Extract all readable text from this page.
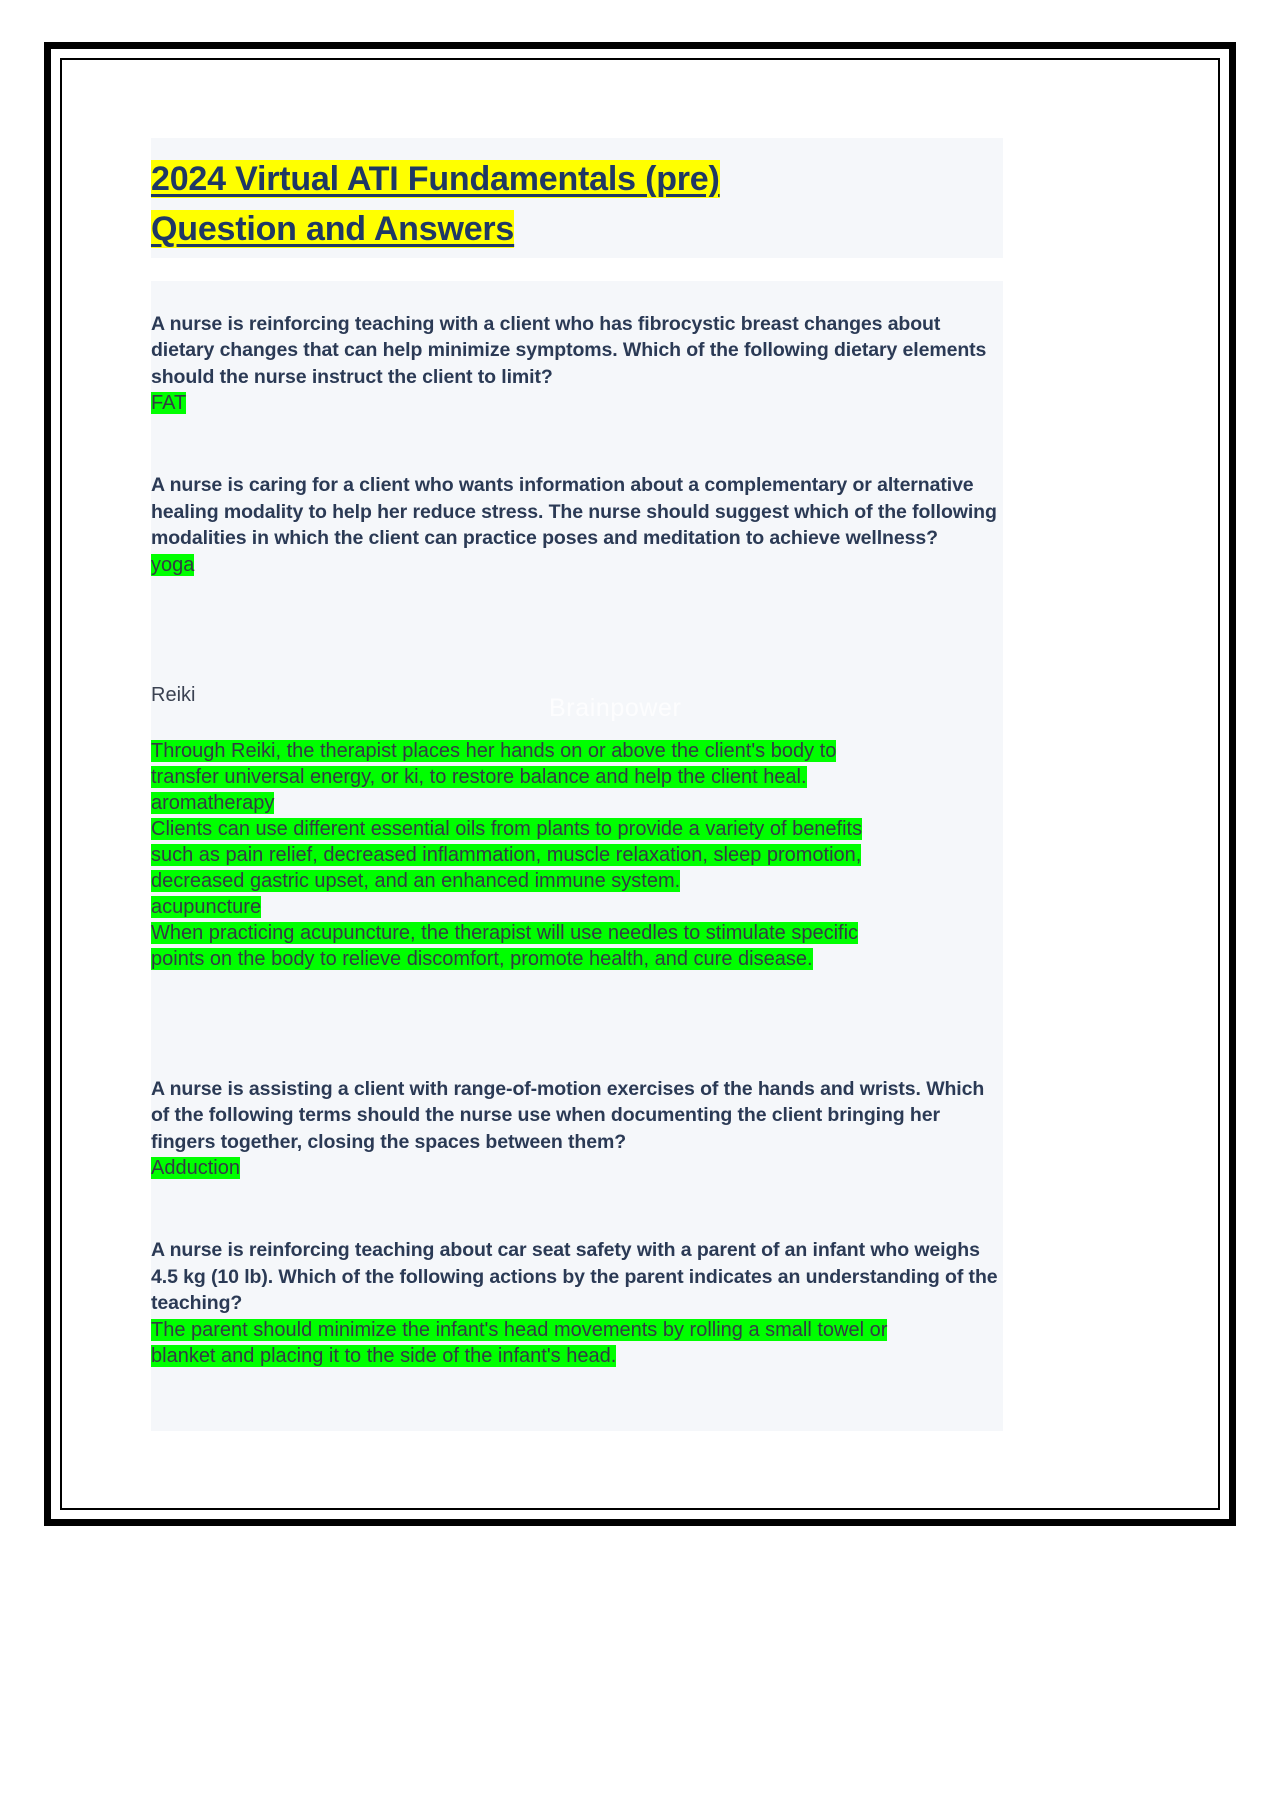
2024 Virtual ATI Fundamentals (pre)
Question and Answers
A nurse is reinforcing teaching with a client who has fibrocystic breast changes about dietary changes that can help minimize symptoms. Which of the following dietary elements should the nurse instruct the client to limit?
FAT
A nurse is caring for a client who wants information about a complementary or alternative healing modality to help her reduce stress. The nurse should suggest which of the following modalities in which the client can practice poses and meditation to achieve wellness?
yoga
Reiki
Through Reiki, the therapist places her hands on or above the client's body to
transfer universal energy, or ki, to restore balance and help the client heal.
aromatherapy
Clients can use different essential oils from plants to provide a variety of benefits
such as pain relief, decreased inflammation, muscle relaxation, sleep promotion,
decreased gastric upset, and an enhanced immune system.
acupuncture
When practicing acupuncture, the therapist will use needles to stimulate specific
points on the body to relieve discomfort, promote health, and cure disease.
A nurse is assisting a client with range-of-motion exercises of the hands and wrists. Which of the following terms should the nurse use when documenting the client bringing her fingers together, closing the spaces between them?
Adduction
A nurse is reinforcing teaching about car seat safety with a parent of an infant who weighs 4.5 kg (10 lb). Which of the following actions by the parent indicates an understanding of the teaching?
The parent should minimize the infant's head movements by rolling a small towel or
blanket and placing it to the side of the infant's head.
Brainpower
